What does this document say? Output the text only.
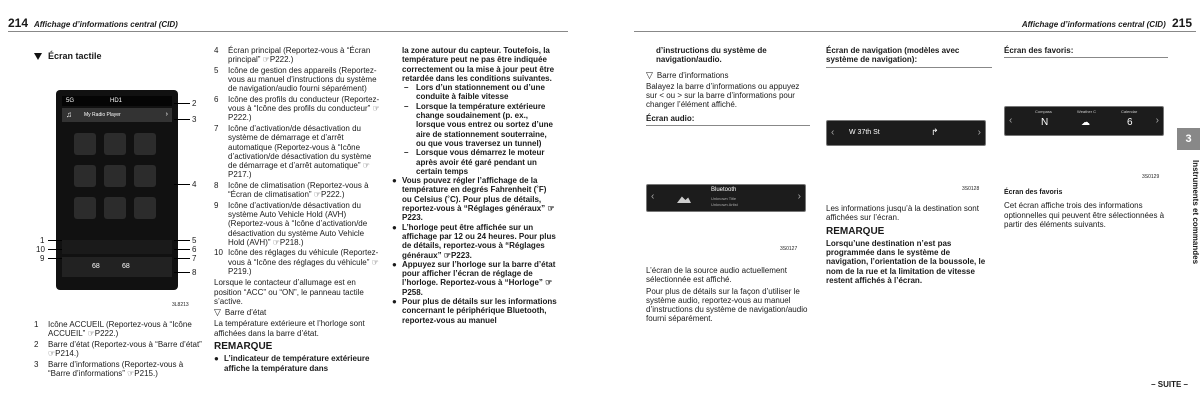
214 Affichage d’informations central (CID)
Écran tactile
5G	HD1
♫ My Radio Player	›
68	68
1
10
9
2
3
4
5
6
7
8
3L8213
1	Icône ACCUEIL (Reportez-vous à “Icône ACCUEIL” ☞P222.)
2	Barre d’état (Reportez-vous à “Barre d’état” ☞P214.)
3	Barre d’informations (Reportez-vous à “Barre d’informations” ☞P215.)
4	Écran principal (Reportez-vous à “Écran principal” ☞P222.)
5	Icône de gestion des appareils (Reportez-vous au manuel d’instructions du système de navigation/audio fourni séparément)
6	Icône des profils du conducteur (Reportez-vous à “Icône des profils du conducteur” ☞P222.)
7	Icône d’activation/de désactivation du système de démarrage et d’arrêt automatique (Reportez-vous à “Icône d’activation/de désactivation du système de démarrage et d’arrêt automatique” ☞P217.)
8	Icône de climatisation (Reportez-vous à “Écran de climatisation” ☞P222.)
9	Icône d’activation/de désactivation du système Auto Vehicle Hold (AVH) (Reportez-vous à “Icône d’activation/de désactivation du système Auto Vehicle Hold (AVH)” ☞P218.)
10 Icône des réglages du véhicule (Reportez-vous à “Icône des réglages du véhicule” ☞P219.)
Lorsque le contacteur d’allumage est en position “ACC” ou “ON”, le panneau tactile s’active.
▽ Barre d’état
La température extérieure et l’horloge sont affichées dans la barre d’état.
REMARQUE
● L’indicateur de température extérieure affiche la température dans
la zone autour du capteur. Toutefois, la température peut ne pas être indiquée correctement ou la mise à jour peut être retardée dans les conditions suivantes.
– Lors d’un stationnement ou d’une conduite à faible vitesse
– Lorsque la température extérieure change soudainement (p. ex., lorsque vous entrez ou sortez d’une aire de stationnement souterraine, ou que vous traversez un tunnel)
– Lorsque vous démarrez le moteur après avoir été garé pendant un certain temps
● Vous pouvez régler l’affichage de la température en degrés Fahrenheit (˚F) ou Celsius (˚C). Pour plus de détails, reportez-vous à “Réglages généraux” ☞P223.
● L’horloge peut être affichée sur un affichage par 12 ou 24 heures. Pour plus de détails, reportez-vous à “Réglages généraux” ☞P223.
● Appuyez sur l’horloge sur la barre d’état pour afficher l’écran de réglage de l’horloge. Reportez-vous à “Horloge” ☞P258.
● Pour plus de détails sur les informations concernant le périphérique Bluetooth, reportez-vous au manuel
Affichage d’informations central (CID) 215
d’instructions du système de navigation/audio.
▽ Barre d’informations
Balayez la barre d’informations ou appuyez sur < ou > sur la barre d’informations pour changer l’élément affiché.
Écran audio:
‹
Bluetooth
Unknown Title
Unknown Artist
›
3S0127
L’écran de la source audio actuellement sélectionnée est affiché.
Pour plus de détails sur la façon d’utiliser le système audio, reportez-vous au manuel d’instructions du système de navigation/audio fourni séparément.
Écran de navigation (modèles avec système de navigation):
‹ W 37th St	↱	›
3S0128
Les informations jusqu’à la destination sont affichées sur l’écran.
REMARQUE
Lorsqu’une destination n’est pas programmée dans le système de navigation, l’orientation de la boussole, le nom de la rue et la limitation de vitesse restent affichés à l’écran.
Écran des favoris:
‹
Compass
N
Weather C
☁
Calendar
6 ›
3S0129
Écran des favoris
Cet écran affiche trois des informations optionnelles qui peuvent être sélectionnées à partir des éléments suivants.
– SUITE –
3
Instruments et commandes
